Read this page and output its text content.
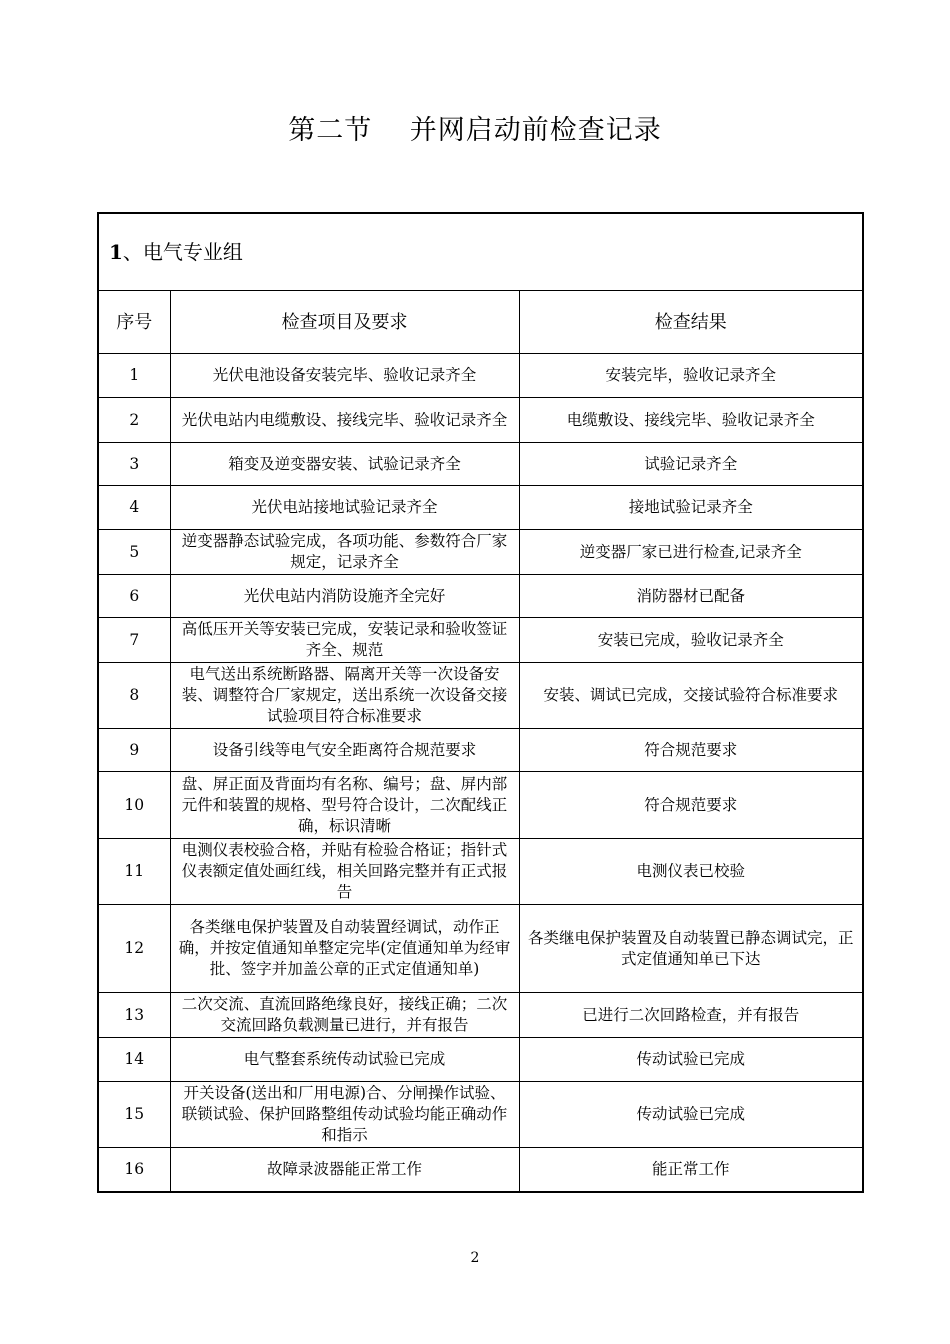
第二节　 并网启动前检查记录
1、电气专业组		
序号	检查项目及要求	检查结果
1	光伏电池设备安装完毕、验收记录齐全	安装完毕，验收记录齐全
2	光伏电站内电缆敷设、接线完毕、验收记录齐全	电缆敷设、接线完毕、验收记录齐全
3	箱变及逆变器安装、试验记录齐全	试验记录齐全
4	光伏电站接地试验记录齐全	接地试验记录齐全
5	逆变器静态试验完成，各项功能、参数符合厂家规定，记录齐全	逆变器厂家已进行检查,记录齐全
6	光伏电站内消防设施齐全完好	消防器材已配备
7	高低压开关等安装已完成，安装记录和验收签证齐全、规范	安装已完成，验收记录齐全
8	电气送出系统断路器、隔离开关等一次设备安装、调整符合厂家规定，送出系统一次设备交接试验项目符合标准要求	安装、调试已完成，交接试验符合标准要求
9	设备引线等电气安全距离符合规范要求	符合规范要求
10	盘、屏正面及背面均有名称、编号；盘、屏内部元件和装置的规格、型号符合设计，二次配线正确，标识清晰	符合规范要求
11	电测仪表校验合格，并贴有检验合格证；指针式仪表额定值处画红线，相关回路完整并有正式报告	电测仪表已校验
12	各类继电保护装置及自动装置经调试，动作正确，并按定值通知单整定完毕(定值通知单为经审批、签字并加盖公章的正式定值通知单)	各类继电保护装置及自动装置已静态调试完，正式定值通知单已下达
13	二次交流、直流回路绝缘良好，接线正确；二次交流回路负载测量已进行，并有报告	已进行二次回路检查，并有报告
14	电气整套系统传动试验已完成	传动试验已完成
15	开关设备(送出和厂用电源)合、分闸操作试验、联锁试验、保护回路整组传动试验均能正确动作和指示	传动试验已完成
16	故障录波器能正常工作	能正常工作
2
